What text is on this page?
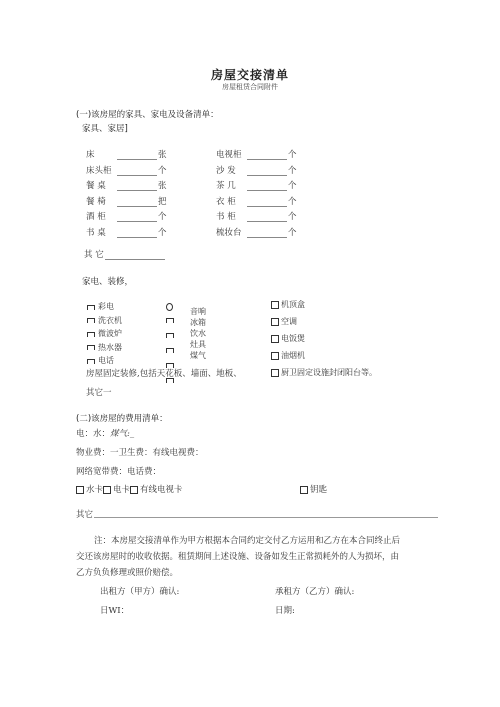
房屋交接清单
房屋租赁合同附件
(一)该房屋的家具、家电及设备清单：
家具、家居]
床	张
床头柜	个
餐 桌	张
餐 椅	把
酒 柜	个
书 桌	个
电视柜	个
沙 发	个
茶 几	个
衣 柜	个
书 柜	个
梳妆台	个
其 它
家电、装修，
彩电
洗衣机
微波炉
热水器
电话
音响
冰箱
饮水
灶具
煤气
机顶盒
空调
电饭煲
油烟机
厨卫固定设施封闭阳台等。
房屋固定装修,包括天花板、墙面、地板、
其它一
(二)该房屋的费用清单：
电：水：煤气:_
物业费：一卫生费：有线电视费：
网络宽带费：电话费：
水卡 电卡 有线电视卡	钥匙
其它
注：本房屋交接清单作为甲方根据本合同约定交付乙方运用和乙方在本合同终止后
交还该房屋时的收收依据。租赁期间上述设施、设备如发生正常损耗外的人为损坏，由
乙方负负修理或照价赔偿。
出租方（甲方）确认:	承租方（乙方）确认:
日WI：	日期:
